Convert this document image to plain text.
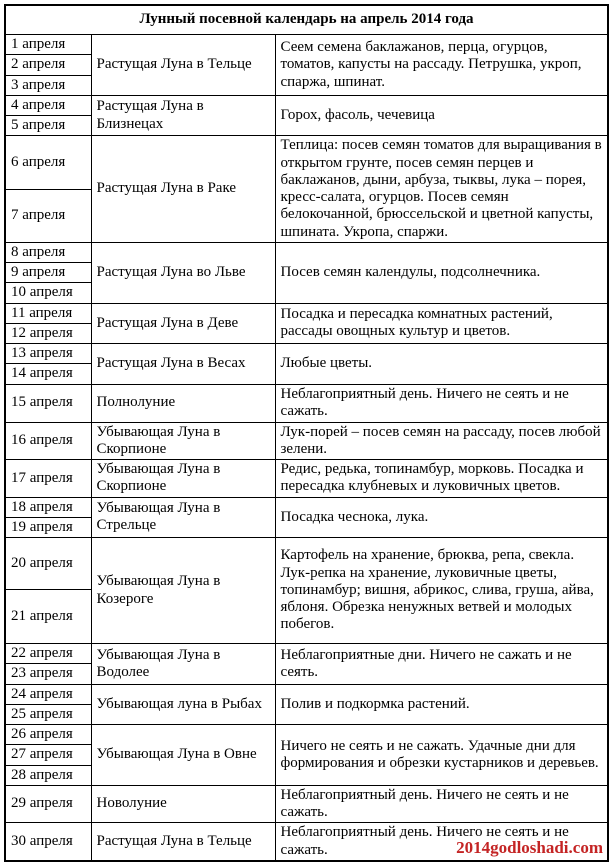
Лунный посевной календарь на апрель 2014 года		
1 апреля	Растущая Луна в Тельце	Сеем семена баклажанов, перца, огурцов, томатов, капусты на рассаду. Петрушка, укроп, спаржа, шпинат.
2 апреля		
3 апреля		
4 апреля	Растущая Луна в Близнецах	Горох, фасоль, чечевица
5 апреля		
6 апреля	Растущая Луна в Раке	Теплица: посев семян томатов для выращивания в открытом грунте, посев семян перцев и баклажанов, дыни, арбуза, тыквы, лука – порея, кресс-салата, огурцов. Посев семян белокочанной, брюссельской и цветной капусты, шпината. Укропа, спаржи.
7 апреля		
8 апреля	Растущая Луна во Льве	Посев семян календулы, подсолнечника.
9 апреля		
10 апреля		
11 апреля	Растущая Луна в Деве	Посадка и пересадка комнатных растений, рассады овощных культур и цветов.
12 апреля		
13 апреля	Растущая Луна в Весах	Любые цветы.
14 апреля		
15 апреля	Полнолуние	Неблагоприятный день. Ничего не сеять и не сажать.
16 апреля	Убывающая Луна в Скорпионе	Лук-порей – посев семян на рассаду, посев любой зелени.
17 апреля	Убывающая Луна в Скорпионе	Редис, редька, топинамбур, морковь. Посадка и пересадка клубневых и луковичных цветов.
18 апреля	Убывающая Луна в Стрельце	Посадка чеснока, лука.
19 апреля		
20 апреля	Убывающая Луна в Козероге	Картофель на хранение, брюква, репа, свекла. Лук-репка на хранение, луковичные цветы, топинамбур; вишня, абрикос, слива, груша, айва, яблоня. Обрезка ненужных ветвей и молодых побегов.
21 апреля		
22 апреля	Убывающая Луна в Водолее	Неблагоприятные дни. Ничего не сажать и не сеять.
23 апреля		
24 апреля	Убывающая луна в Рыбах	Полив и подкормка растений.
25 апреля		
26 апреля	Убывающая Луна в Овне	Ничего не сеять и не сажать. Удачные дни для формирования и обрезки кустарников и деревьев.
27 апреля		
28 апреля		
29 апреля	Новолуние	Неблагоприятный день. Ничего не сеять и не сажать.
30 апреля	Растущая Луна в Тельце	Неблагоприятный день. Ничего не сеять и не сажать. 2014godloshadi.com
